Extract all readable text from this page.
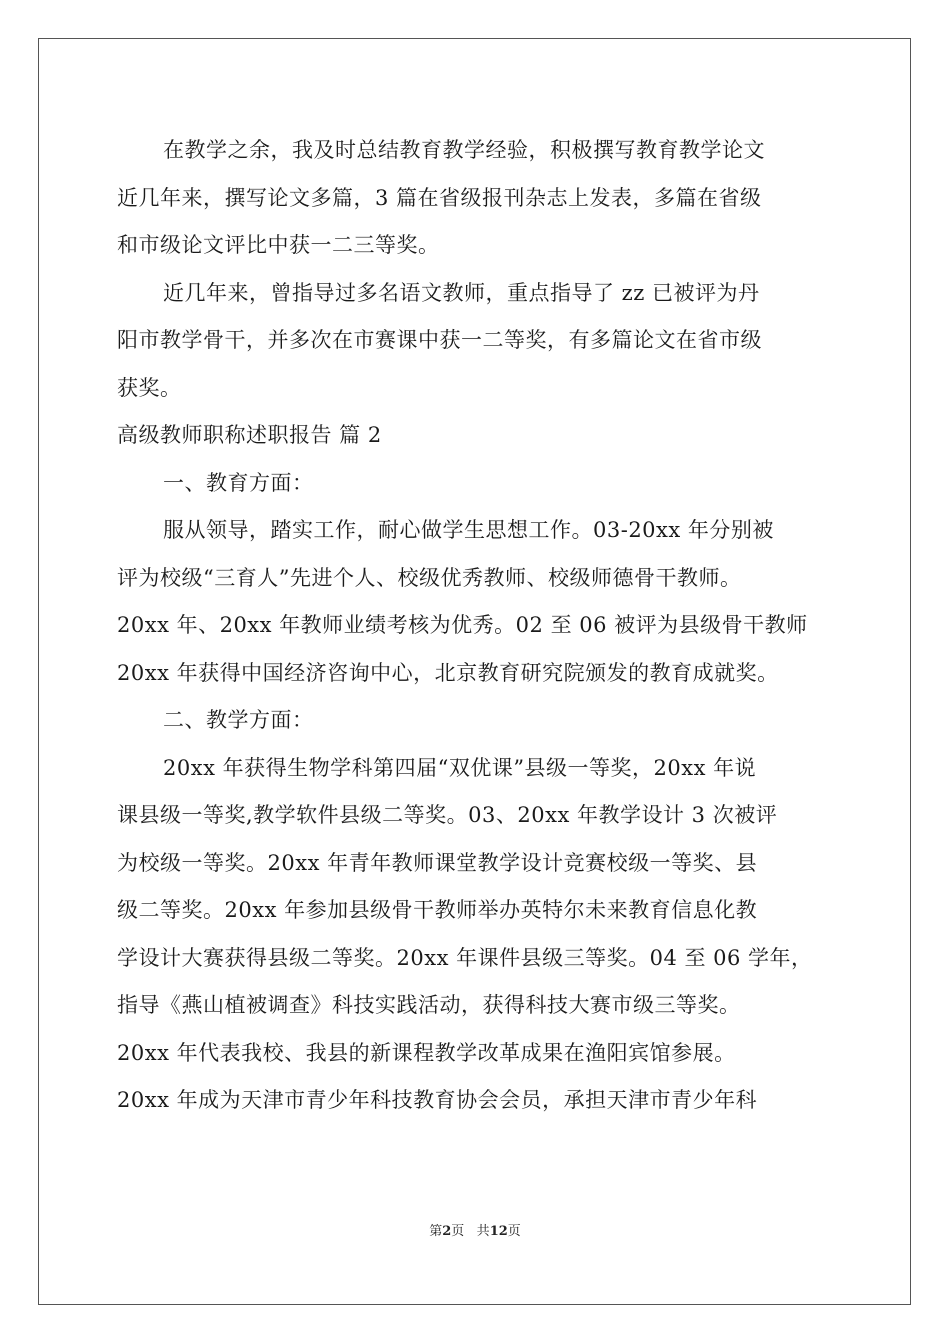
在教学之余，我及时总结教育教学经验，积极撰写教育教学论文
近几年来，撰写论文多篇，3 篇在省级报刊杂志上发表，多篇在省级
和市级论文评比中获一二三等奖。
近几年来，曾指导过多名语文教师，重点指导了 zz 已被评为丹
阳市教学骨干，并多次在市赛课中获一二等奖，有多篇论文在省市级
获奖。
高级教师职称述职报告 篇 2
一、教育方面：
服从领导，踏实工作，耐心做学生思想工作。03-20xx 年分别被
评为校级“三育人”先进个人、校级优秀教师、校级师德骨干教师。
20xx 年、20xx 年教师业绩考核为优秀。02 至 06 被评为县级骨干教师
20xx 年获得中国经济咨询中心，北京教育研究院颁发的教育成就奖。
二、教学方面：
20xx 年获得生物学科第四届“双优课”县级一等奖，20xx 年说
课县级一等奖,教学软件县级二等奖。03、20xx 年教学设计 3 次被评
为校级一等奖。20xx 年青年教师课堂教学设计竞赛校级一等奖、县
级二等奖。20xx 年参加县级骨干教师举办英特尔未来教育信息化教
学设计大赛获得县级二等奖。20xx 年课件县级三等奖。04 至 06 学年，
指导《燕山植被调查》科技实践活动，获得科技大赛市级三等奖。
20xx 年代表我校、我县的新课程教学改革成果在渔阳宾馆参展。
20xx 年成为天津市青少年科技教育协会会员，承担天津市青少年科
第2页 共12页
